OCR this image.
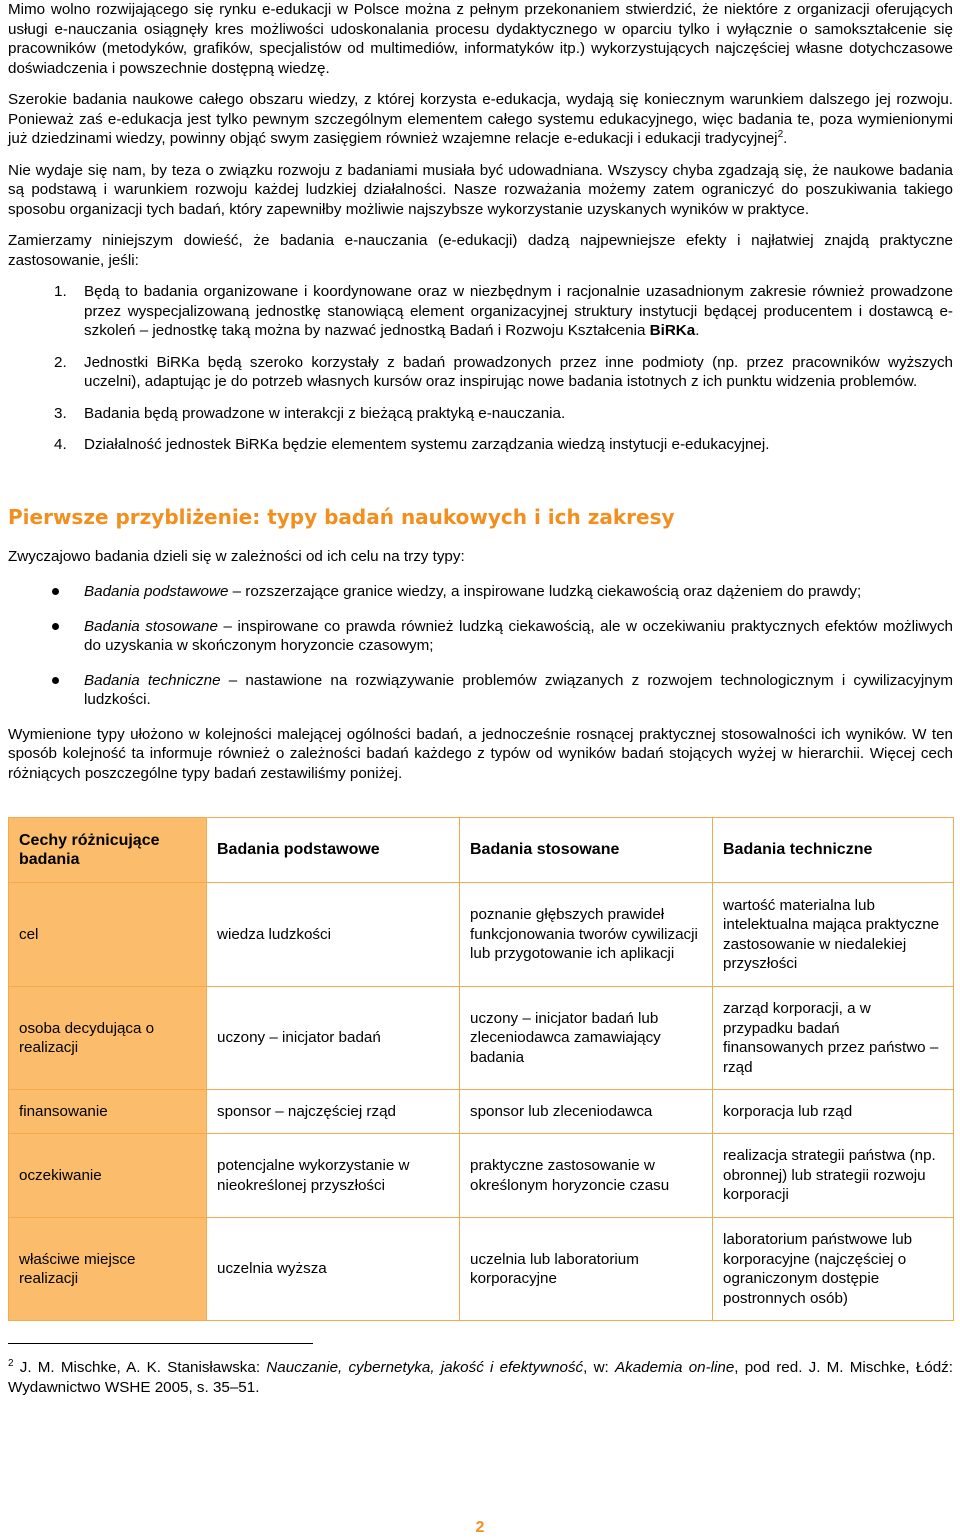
Mimo wolno rozwijającego się rynku e-edukacji w Polsce można z pełnym przekonaniem stwierdzić, że niektóre z organizacji oferujących usługi e-nauczania osiągnęły kres możliwości udoskonalania procesu dydaktycznego w oparciu tylko i wyłącznie o samokształcenie się pracowników (metodyków, grafików, specjalistów od multimediów, informatyków itp.) wykorzystujących najczęściej własne dotychczasowe doświadczenia i powszechnie dostępną wiedzę.

Szerokie badania naukowe całego obszaru wiedzy, z której korzysta e-edukacja, wydają się koniecznym warunkiem dalszego jej rozwoju. Ponieważ zaś e-edukacja jest tylko pewnym szczególnym elementem całego systemu edukacyjnego, więc badania te, poza wymienionymi już dziedzinami wiedzy, powinny objąć swym zasięgiem również wzajemne relacje e-edukacji i edukacji tradycyjnej$^2$.

Nie wydaje się nam, by teza o związku rozwoju z badaniami musiała być udowadniana. Wszyscy chyba zgadzają się, że naukowe badania są podstawą i warunkiem rozwoju każdej ludzkiej działalności. Nasze rozważania możemy zatem ograniczyć do poszukiwania takiego sposobu organizacji tych badań, który zapewniłby możliwie najszybsze wykorzystanie uzyskanych wyników w praktyce.

Zamierzamy niniejszym dowieść, że badania e-nauczania (e-edukacji) dadzą najpewniejsze efekty i najłatwiej znajdą praktyczne zastosowanie, jeśli:

1.	Będą to badania organizowane i koordynowane oraz w niezbędnym i racjonalnie uzasadnionym zakresie również prowadzone przez wyspecjalizowaną jednostkę stanowiącą element organizacyjnej struktury instytucji będącej producentem i dostawcą e-szkoleń – jednostkę taką można by nazwać jednostką Badań i Rozwoju Kształcenia BiRKa.
2.	Jednostki BiRKa będą szeroko korzystały z badań prowadzonych przez inne podmioty (np. przez pracowników wyższych uczelni), adaptując je do potrzeb własnych kursów oraz inspirując nowe badania istotnych z ich punktu widzenia problemów.
3.	Badania będą prowadzone w interakcji z bieżącą praktyką e-nauczania.
4.	Działalność jednostek BiRKa będzie elementem systemu zarządzania wiedzą instytucji e-edukacyjnej.
Pierwsze przybliżenie: typy badań naukowych i ich zakresy

Zwyczajowo badania dzieli się w zależności od ich celu na trzy typy:

Badania podstawowe – rozszerzające granice wiedzy, a inspirowane ludzką ciekawością oraz dążeniem do prawdy;
Badania stosowane – inspirowane co prawda również ludzką ciekawością, ale w oczekiwaniu praktycznych efektów możliwych do uzyskania w skończonym horyzoncie czasowym;
Badania techniczne – nastawione na rozwiązywanie problemów związanych z rozwojem technologicznym i cywilizacyjnym ludzkości.

Wymienione typy ułożono w kolejności malejącej ogólności badań, a jednocześnie rosnącej praktycznej stosowalności ich wyników. W ten sposób kolejność ta informuje również o zależności badań każdego z typów od wyników badań stojących wyżej w hierarchii. Więcej cech różniących poszczególne typy badań zestawiliśmy poniżej.

Cechy różnicujące badania	Badania podstawowe	Badania stosowane	Badania techniczne
cel	wiedza ludzkości	poznanie głębszych prawideł funkcjonowania tworów cywilizacji lub przygotowanie ich aplikacji	wartość materialna lub intelektualna mająca praktyczne zastosowanie w niedalekiej przyszłości
osoba decydująca o realizacji	uczony – inicjator badań	uczony – inicjator badań lub zleceniodawca zamawiający badania	zarząd korporacji, a w przypadku badań finansowanych przez państwo – rząd
finansowanie	sponsor – najczęściej rząd	sponsor lub zleceniodawca	korporacja lub rząd
oczekiwanie	potencjalne wykorzystanie w nieokreślonej przyszłości	praktyczne zastosowanie w określonym horyzoncie czasu	realizacja strategii państwa (np. obronnej) lub strategii rozwoju korporacji
właściwe miejsce realizacji	uczelnia wyższa	uczelnia lub laboratorium korporacyjne	laboratorium państwowe lub korporacyjne (najczęściej o ograniczonym dostępie postronnych osób)

$^2$ J. M. Mischke, A. K. Stanisławska: Nauczanie, cybernetyka, jakość i efektywność, w: Akademia on-line, pod red. J. M. Mischke, Łódź: Wydawnictwo WSHE 2005, s. 35–51.

2
